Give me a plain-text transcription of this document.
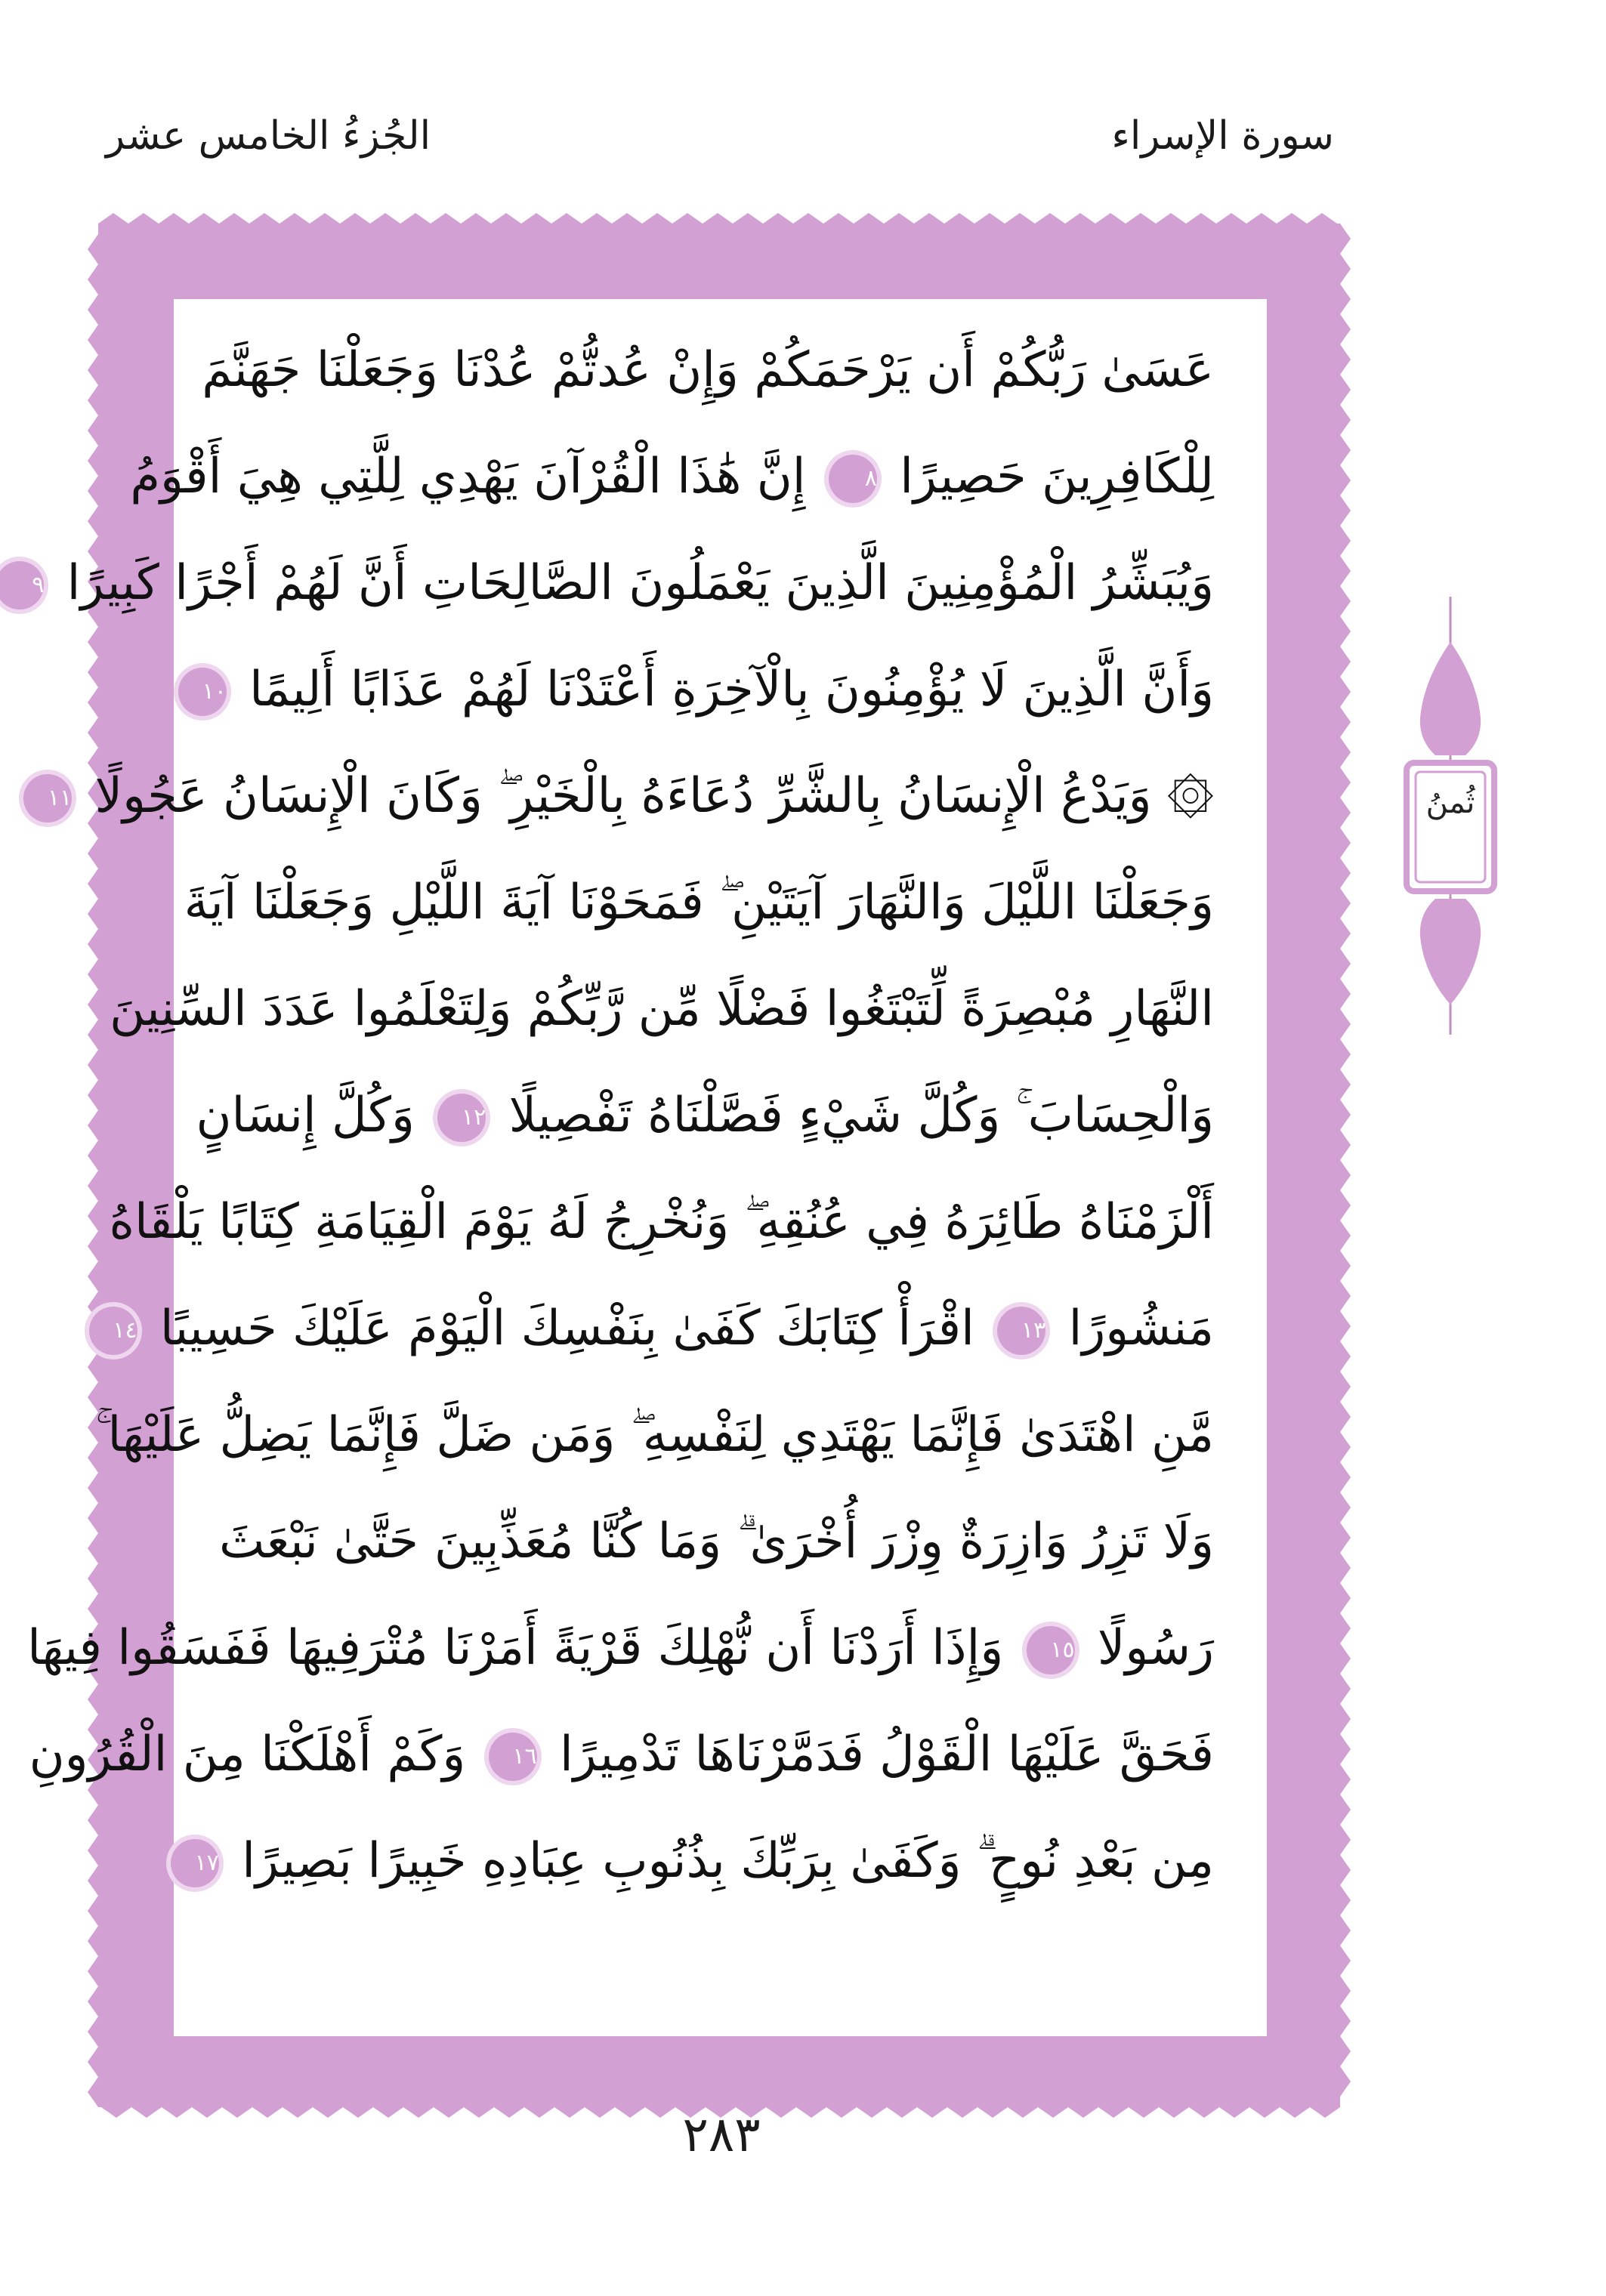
الجُزءُ الخامس عشر	سورة الإسراء
عَسَىٰ رَبُّكُمْ أَن يَرْحَمَكُمْ وَإِنْ عُدتُّمْ عُدْنَا وَجَعَلْنَا جَهَنَّمَ
لِلْكَافِرِينَ حَصِيرًا ٨ إِنَّ هَٰذَا الْقُرْآنَ يَهْدِي لِلَّتِي هِيَ أَقْوَمُ
وَيُبَشِّرُ الْمُؤْمِنِينَ الَّذِينَ يَعْمَلُونَ الصَّالِحَاتِ أَنَّ لَهُمْ أَجْرًا كَبِيرًا ٩
وَأَنَّ الَّذِينَ لَا يُؤْمِنُونَ بِالْآخِرَةِ أَعْتَدْنَا لَهُمْ عَذَابًا أَلِيمًا ١٠
۞ وَيَدْعُ الْإِنسَانُ بِالشَّرِّ دُعَاءَهُ بِالْخَيْرِ ۖ وَكَانَ الْإِنسَانُ عَجُولًا ١١
وَجَعَلْنَا اللَّيْلَ وَالنَّهَارَ آيَتَيْنِ ۖ فَمَحَوْنَا آيَةَ اللَّيْلِ وَجَعَلْنَا آيَةَ
النَّهَارِ مُبْصِرَةً لِّتَبْتَغُوا فَضْلًا مِّن رَّبِّكُمْ وَلِتَعْلَمُوا عَدَدَ السِّنِينَ
وَالْحِسَابَ ۚ وَكُلَّ شَيْءٍ فَصَّلْنَاهُ تَفْصِيلًا ١٢ وَكُلَّ إِنسَانٍ
أَلْزَمْنَاهُ طَائِرَهُ فِي عُنُقِهِ ۖ وَنُخْرِجُ لَهُ يَوْمَ الْقِيَامَةِ كِتَابًا يَلْقَاهُ
مَنشُورًا ١٣ اقْرَأْ كِتَابَكَ كَفَىٰ بِنَفْسِكَ الْيَوْمَ عَلَيْكَ حَسِيبًا ١٤
مَّنِ اهْتَدَىٰ فَإِنَّمَا يَهْتَدِي لِنَفْسِهِ ۖ وَمَن ضَلَّ فَإِنَّمَا يَضِلُّ عَلَيْهَا ۚ
وَلَا تَزِرُ وَازِرَةٌ وِزْرَ أُخْرَىٰ ۗ وَمَا كُنَّا مُعَذِّبِينَ حَتَّىٰ نَبْعَثَ
رَسُولًا ١٥ وَإِذَا أَرَدْنَا أَن نُّهْلِكَ قَرْيَةً أَمَرْنَا مُتْرَفِيهَا فَفَسَقُوا فِيهَا
فَحَقَّ عَلَيْهَا الْقَوْلُ فَدَمَّرْنَاهَا تَدْمِيرًا ١٦ وَكَمْ أَهْلَكْنَا مِنَ الْقُرُونِ
مِن بَعْدِ نُوحٍ ۗ وَكَفَىٰ بِرَبِّكَ بِذُنُوبِ عِبَادِهِ خَبِيرًا بَصِيرًا ١٧
ثُمنُ
٢٨٣
